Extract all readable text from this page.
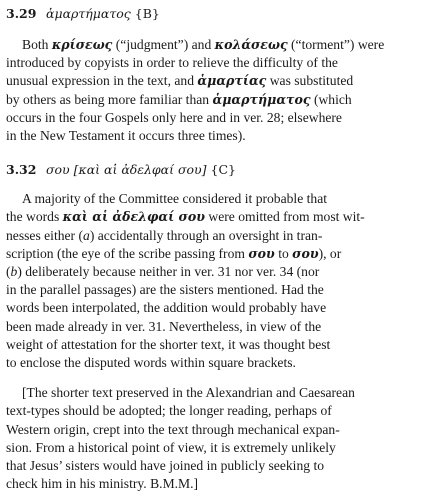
3.29 ἁμαρτήματος {B}
Both κρίσεως (“judgment”) and κολάσεως (“torment”) were
introduced by copyists in order to relieve the difficulty of the
unusual expression in the text, and ἁμαρτίας was substituted
by others as being more familiar than ἁμαρτήματος (which
occurs in the four Gospels only here and in ver. 28; elsewhere
in the New Testament it occurs three times).
3.32 σου [καὶ αἱ ἀδελφαί σου] {C}
A majority of the Committee considered it probable that
the words καὶ αἱ ἀδελφαί σου were omitted from most wit-
nesses either (a) accidentally through an oversight in tran-
scription (the eye of the scribe passing from σου to σου), or
(b) deliberately because neither in ver. 31 nor ver. 34 (nor
in the parallel passages) are the sisters mentioned. Had the
words been interpolated, the addition would probably have
been made already in ver. 31. Nevertheless, in view of the
weight of attestation for the shorter text, it was thought best
to enclose the disputed words within square brackets.
[The shorter text preserved in the Alexandrian and Caesarean
text-types should be adopted; the longer reading, perhaps of
Western origin, crept into the text through mechanical expan-
sion. From a historical point of view, it is extremely unlikely
that Jesus’ sisters would have joined in publicly seeking to
check him in his ministry. B.M.M.]
